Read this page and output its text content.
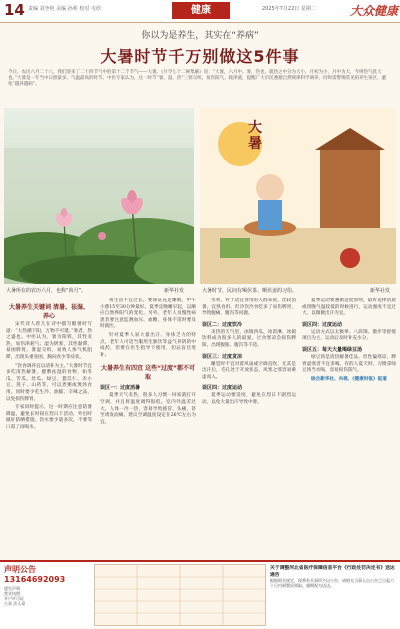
14 责编 刘争艳 美编 孙莉 校对 屯欣	健康	2025年7月22日 星期二	大众健康
你以为是养生，其实在“养病”
大暑时节千万别做这5件事
今日，农历六月二十八，我们迎来了二十四节气中的第十二个节气——大暑。《月令七十二候集解》说：“大暑，六月中。暑，热也，就热之中分为大小，月初为小，月中为大，今则热气犹大也。”大暑是一年当中日照最多、气温最高的时节。中医专家认为，这一时节“暑、湿、热”三邪交织，易伤阳气、耗津液，提醒广大市民遵循自然规律科学调养，同时需警惕常见的养生误区，避免“越养越病”。
大暑所在的农历六月，也称“荷月”。	新华社发
大
暑
大暑时节，民间有喝伏茶、晒伏姜的习俗。	新华社发
大暑养生关键词 清暑、祛湿、养心

宋代诗人曾几在诗中描写酷暑时写道：“大热潮下阳，万物不可遁。”暑者，热之盛也。中医认为，暑为阳邪，其性炎热，易伤津耗气；湿为阴邪，其性黏滞，易困脾胃。暑湿交织，易致人体气机阻滞，出现头重身困、胸闷食少等症状。

“饮食调养宜以清补为主。”大暑时节宜多吃清热解暑、健脾祛湿的食物，如冬瓜、苦瓜、丝瓜、绿豆、薏苡仁、赤小豆、莲子、山药等，可以煮粥或煲汤食用。同时要少吃生冷、油腻、辛辣之品，以免损伤脾胃。

专家同时提示，这一时期应注意防暑降温，避免长时间在烈日下活动，外出时做好防晒措施。饮水要少量多次，不要等口渴了再喝水。

夜生活不宜过长，要保证充足睡眠，中午小憩15至30分钟最好。夏季宜晚睡早起，以顺应自然界阳气的变化。另外，老年人及慢性病患者要注意监测血压、血糖，身体不适时要及时就医。

针对夏季人易大量出汗、身体乏力的特点，老年人可适当服用生脉饮等益气养阴的中成药，但要在医生指导下使用，切忌盲目进补。

大暑养生有四宜 这些“过度”都不可取
误区一：过度消暑

夏季天气炎热，很多人习惯一回家就打开空调，并且将温度调得很低。室内外温差过大，人体一冷一热，容易导致感冒、头痛，甚至诱发面瘫。建议空调温度设定在26℃左右为宜。

水果，对于适宜食用的人群来说，比较消暑，宜熟食用。但冷饮冷食吃多了易伤脾胃，导致腹痛、腹泻等问题。

误区二：过度饮冷

炎热的天气里，冰镇西瓜、冰淇淋、冰镇饮料成为很多人的最爱。过食寒凉会损伤脾阳，出现腹胀、腹泻等不适。

误区三：过度贪凉

睡觉时不宜对着风扇或空调直吹，尤其是出汗后，毛孔处于开放状态，风寒之邪容易乘虚而入。

误区四：过度运动

夏季运动要适度，避免在烈日下剧烈运动，以免大量出汗导致中暑。

夏季运动要遵循适度原则，最好选择清晨或傍晚气温较低的时候进行，运动强度不宜过大，以微微出汗为宜。

误区四：过度运动

运动方式以太极拳、八段锦、散步等舒缓项目为主，运动后及时补充水分。

误区五：每天大量喝绿豆汤

绿豆汤是清热解暑佳品，但性偏寒凉，脾胃虚寒者不宜多喝。有的人夏天时，习惯拿绿豆汤当水喝，容易损伤阳气。

综合新华社、央视、《健康时报》报道

声明公告
13164692093
遗失声明
营业执照
开户许可证
公章 法人章
关于调整河北省医疗保障信息平台《行政处罚决定书》送达通告
根据相关规定，现将有关事项予以公告，请相关当事人自公告之日起六十日内到我局领取，逾期视为送达。
